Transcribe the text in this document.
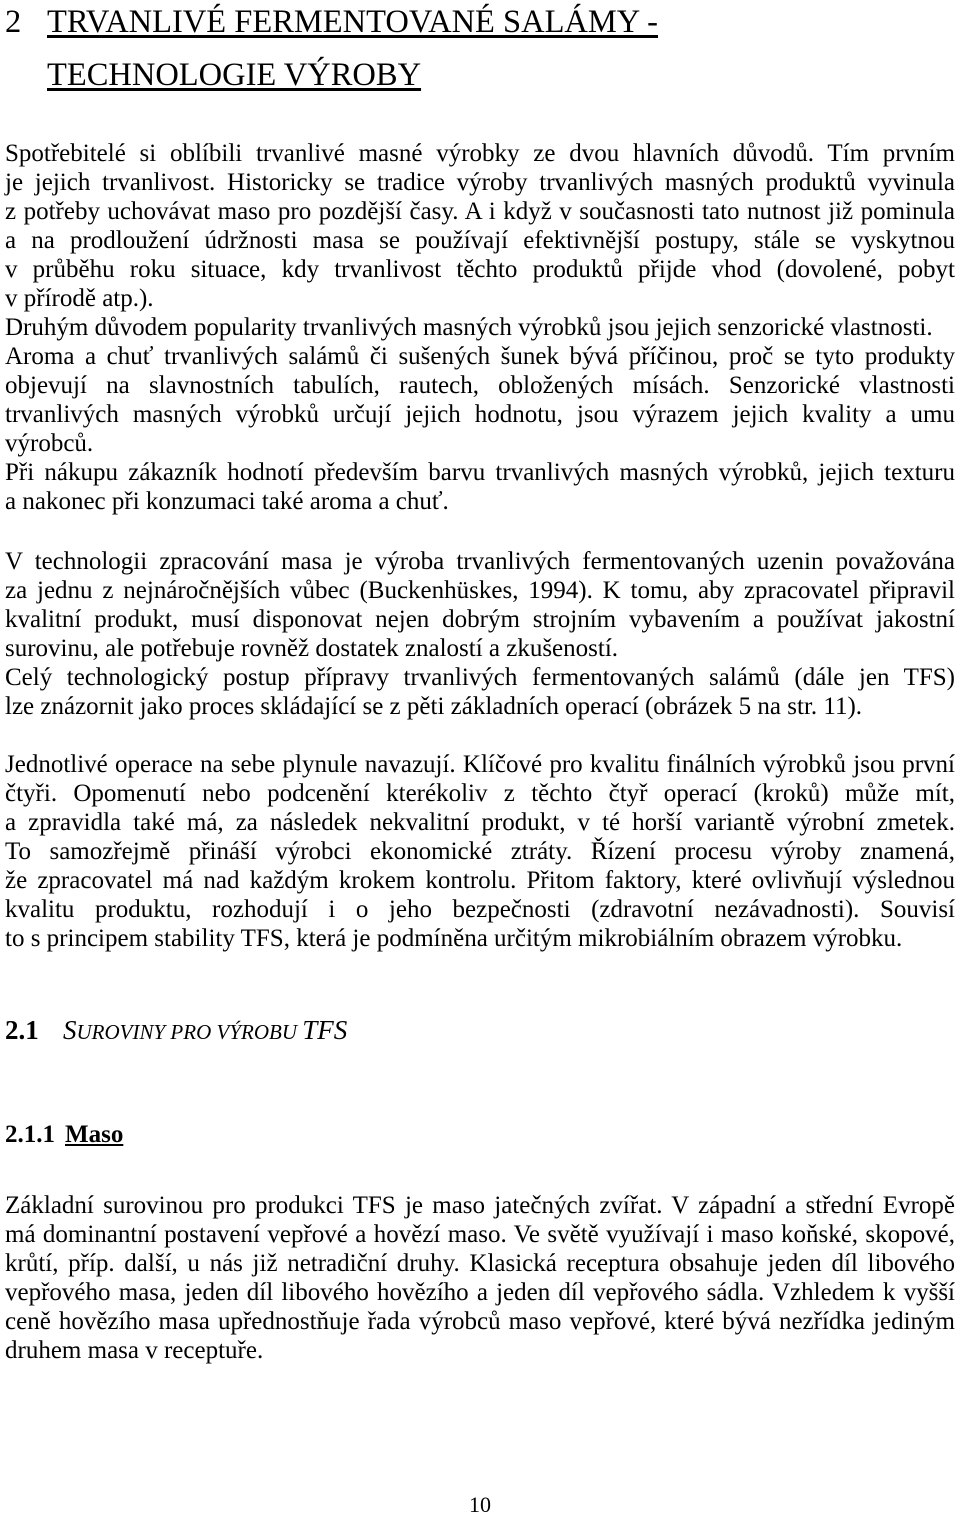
2 TRVANLIVÉ FERMENTOVANÉ SALÁMY -
TECHNOLOGIE VÝROBY
Spotřebitelé si oblíbili trvanlivé masné výrobky ze dvou hlavních důvodů. Tím prvním
je jejich trvanlivost. Historicky se tradice výroby trvanlivých masných produktů vyvinula
z potřeby uchovávat maso pro pozdější časy. A i když v současnosti tato nutnost již pominula
a na prodloužení údržnosti masa se používají efektivnější postupy, stále se vyskytnou
v průběhu roku situace, kdy trvanlivost těchto produktů přijde vhod (dovolené, pobyt
v přírodě atp.).
Druhým důvodem popularity trvanlivých masných výrobků jsou jejich senzorické vlastnosti.
Aroma a chuť trvanlivých salámů či sušených šunek bývá příčinou, proč se tyto produkty
objevují na slavnostních tabulích, rautech, obložených mísách. Senzorické vlastnosti
trvanlivých masných výrobků určují jejich hodnotu, jsou výrazem jejich kvality a umu
výrobců.
Při nákupu zákazník hodnotí především barvu trvanlivých masných výrobků, jejich texturu
a nakonec při konzumaci také aroma a chuť.
V technologii zpracování masa je výroba trvanlivých fermentovaných uzenin považována
za jednu z nejnáročnějších vůbec (Buckenhüskes, 1994). K tomu, aby zpracovatel připravil
kvalitní produkt, musí disponovat nejen dobrým strojním vybavením a používat jakostní
surovinu, ale potřebuje rovněž dostatek znalostí a zkušeností.
Celý technologický postup přípravy trvanlivých fermentovaných salámů (dále jen TFS)
lze znázornit jako proces skládající se z pěti základních operací (obrázek 5 na str. 11).
Jednotlivé operace na sebe plynule navazují. Klíčové pro kvalitu finálních výrobků jsou první
čtyři. Opomenutí nebo podcenění kterékoliv z těchto čtyř operací (kroků) může mít,
a zpravidla také má, za následek nekvalitní produkt, v té horší variantě výrobní zmetek.
To samozřejmě přináší výrobci ekonomické ztráty. Řízení procesu výroby znamená,
že zpracovatel má nad každým krokem kontrolu. Přitom faktory, které ovlivňují výslednou
kvalitu produktu, rozhodují i o jeho bezpečnosti (zdravotní nezávadnosti). Souvisí
to s principem stability TFS, která je podmíněna určitým mikrobiálním obrazem výrobku.
2.1 SUROVINY PRO VÝROBU TFS
2.1.1 Maso
Základní surovinou pro produkci TFS je maso jatečných zvířat. V západní a střední Evropě
má dominantní postavení vepřové a hovězí maso. Ve světě využívají i maso koňské, skopové,
krůtí, příp. další, u nás již netradiční druhy. Klasická receptura obsahuje jeden díl libového
vepřového masa, jeden díl libového hovězího a jeden díl vepřového sádla. Vzhledem k vyšší
ceně hovězího masa upřednostňuje řada výrobců maso vepřové, které bývá nezřídka jediným
druhem masa v receptuře.
10
